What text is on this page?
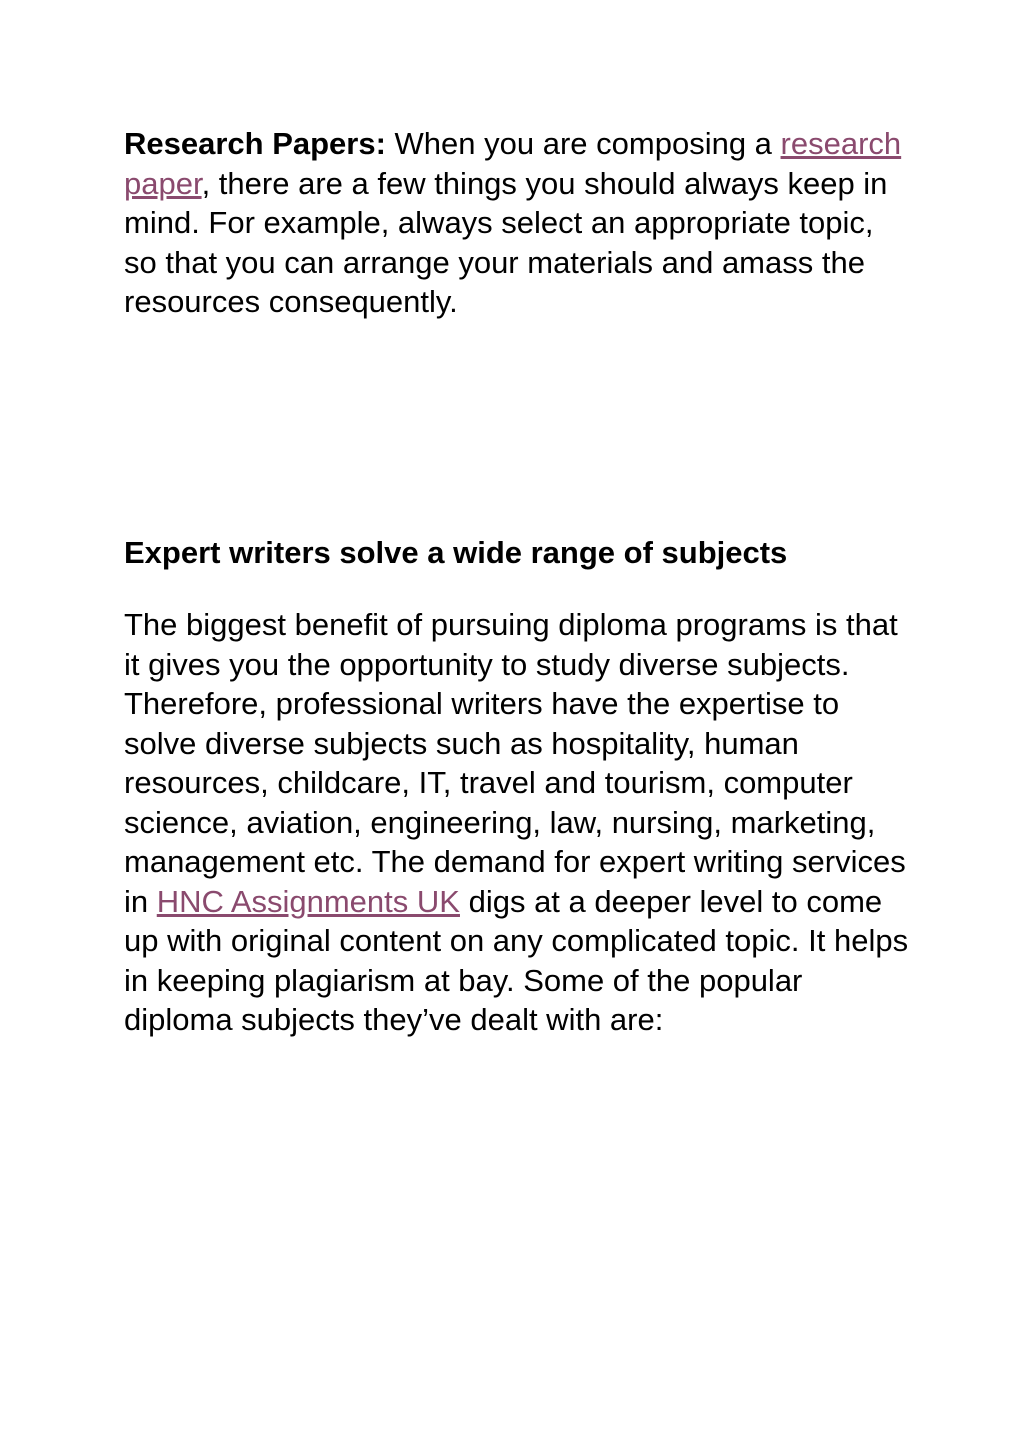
Research Papers: When you are composing a research paper, there are a few things you should always keep in mind. For example, always select an appropriate topic, so that you can arrange your materials and amass the resources consequently.

Expert writers solve a wide range of subjects

The biggest benefit of pursuing diploma programs is that it gives you the opportunity to study diverse subjects. Therefore, professional writers have the expertise to solve diverse subjects such as hospitality, human resources, childcare, IT, travel and tourism, computer science, aviation, engineering, law, nursing, marketing, management etc. The demand for expert writing services in HNC Assignments UK digs at a deeper level to come up with original content on any complicated topic. It helps in keeping plagiarism at bay. Some of the popular diploma subjects they’ve dealt with are:
